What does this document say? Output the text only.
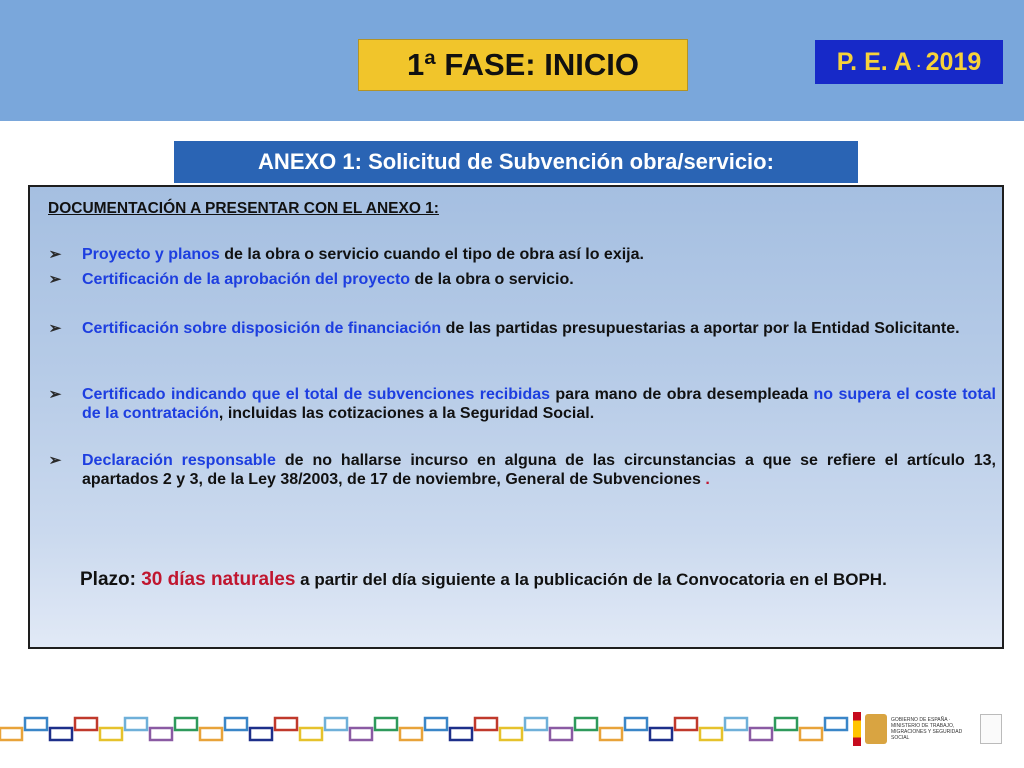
1ª FASE: INICIO	P. E. A . 2019
ANEXO 1: Solicitud de Subvención obra/servicio:
DOCUMENTACIÓN A PRESENTAR CON EL ANEXO 1:
➢	Proyecto y planos de la obra o servicio cuando el tipo de obra así lo exija.
➢	Certificación de la aprobación del proyecto de la obra o servicio.
➢	Certificación sobre disposición de financiación de las partidas presupuestarias a aportar por la Entidad Solicitante.
➢	Certificado indicando que el total de subvenciones recibidas para mano de obra desempleada no supera el coste total de la contratación, incluidas las cotizaciones a la Seguridad Social.
➢	Declaración responsable de no hallarse incurso en alguna de las circunstancias a que se refiere el artículo 13, apartados 2 y 3, de la Ley 38/2003, de 17 de noviembre, General de Subvenciones .
Plazo: 30 días naturales a partir del día siguiente a la publicación de la Convocatoria en el BOPH.
GOBIERNO DE ESPAÑA · MINISTERIO DE TRABAJO, MIGRACIONES Y SEGURIDAD SOCIAL
